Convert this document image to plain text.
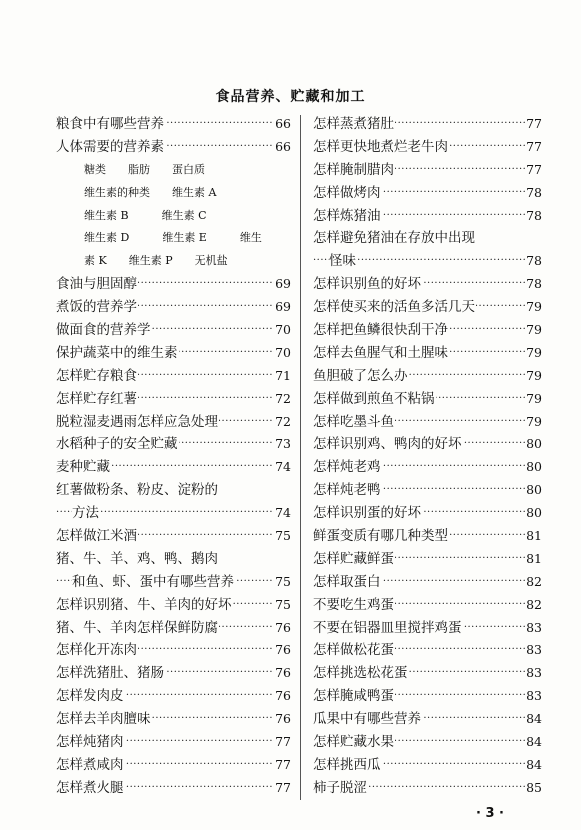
食品营养、贮藏和加工
粮食中有哪些营养	66
·····
人体需要的营养素	66
·····
糖类　　脂肪　　蛋白质
维生素的种类　　维生素 A
维生素 B　　　维生素 C
维生素 D　　　维生素 E　　　维生
素 K　　维生素 P　　无机盐
食油与胆固醇	69
·····
煮饭的营养学	69
·····
做面食的营养学	70
·····
保护蔬菜中的维生素	70
·····
怎样贮存粮食	71
·····
怎样贮存红薯	72
·····
脱粒湿麦遇雨怎样应急处理	72
·····
水稻种子的安全贮藏	73
·····
麦种贮藏	74
·····
红薯做粉条、粉皮、淀粉的
方法	74
·····
怎样做江米酒	75
·····
猪、牛、羊、鸡、鸭、鹅肉
和鱼、虾、蛋中有哪些营养	75
·····
怎样识别猪、牛、羊肉的好坏	75
·····
猪、牛、羊肉怎样保鲜防腐	76
·····
怎样化开冻肉	76
·····
怎样洗猪肚、猪肠	76
·····
怎样发肉皮	76
·····
怎样去羊肉膻味	76
·····
怎样炖猪肉	77
·····
怎样煮咸肉	77
·····
怎样煮火腿	77
·····
怎样蒸煮猪肚	77
·····
怎样更快地煮烂老牛肉	77
·····
怎样腌制腊肉	77
·····
怎样做烤肉	78
·····
怎样炼猪油	78
·····
怎样避免猪油在存放中出现
怪味	78
·····
怎样识别鱼的好坏	78
·····
怎样使买来的活鱼多活几天	79
·····
怎样把鱼鳞很快刮干净	79
·····
怎样去鱼腥气和土腥味	79
·····
鱼胆破了怎么办	79
·····
怎样做到煎鱼不粘锅	79
·····
怎样吃墨斗鱼	79
·····
怎样识别鸡、鸭肉的好坏	80
·····
怎样炖老鸡	80
·····
怎样炖老鸭	80
·····
怎样识别蛋的好坏	80
·····
鲜蛋变质有哪几种类型	81
·····
怎样贮藏鲜蛋	81
·····
怎样取蛋白	82
·····
不要吃生鸡蛋	82
·····
不要在铝器皿里搅拌鸡蛋	83
·····
怎样做松花蛋	83
·····
怎样挑选松花蛋	83
·····
怎样腌咸鸭蛋	83
·····
瓜果中有哪些营养	84
·····
怎样贮藏水果	84
·····
怎样挑西瓜	84
·····
柿子脱涩	85
·····
· 3 ·
